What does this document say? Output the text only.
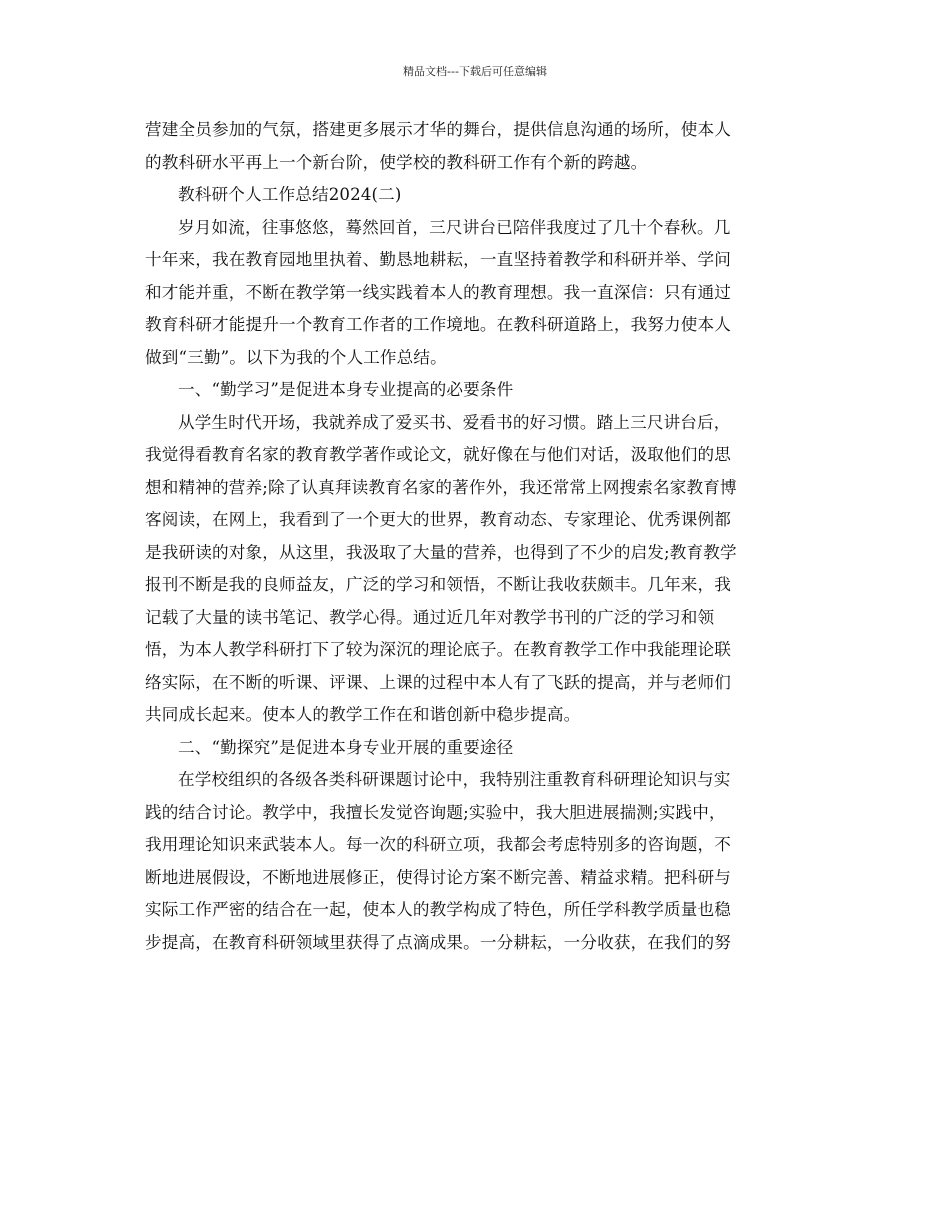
精品文档---下载后可任意编辑
营建全员参加的气氛，搭建更多展示才华的舞台，提供信息沟通的场所，使本人
的教科研水平再上一个新台阶，使学校的教科研工作有个新的跨越。
教科研个人工作总结2024(二)
岁月如流，往事悠悠，蓦然回首，三尺讲台已陪伴我度过了几十个春秋。几
十年来，我在教育园地里执着、勤恳地耕耘，一直坚持着教学和科研并举、学问
和才能并重，不断在教学第一线实践着本人的教育理想。我一直深信：只有通过
教育科研才能提升一个教育工作者的工作境地。在教科研道路上，我努力使本人
做到“三勤”。以下为我的个人工作总结。
一、“勤学习”是促进本身专业提高的必要条件
从学生时代开场，我就养成了爱买书、爱看书的好习惯。踏上三尺讲台后，
我觉得看教育名家的教育教学著作或论文，就好像在与他们对话，汲取他们的思
想和精神的营养;除了认真拜读教育名家的著作外，我还常常上网搜索名家教育博
客阅读，在网上，我看到了一个更大的世界，教育动态、专家理论、优秀课例都
是我研读的对象，从这里，我汲取了大量的营养，也得到了不少的启发;教育教学
报刊不断是我的良师益友，广泛的学习和领悟，不断让我收获颇丰。几年来，我
记载了大量的读书笔记、教学心得。通过近几年对教学书刊的广泛的学习和领
悟，为本人教学科研打下了较为深沉的理论底子。在教育教学工作中我能理论联
络实际，在不断的听课、评课、上课的过程中本人有了飞跃的提高，并与老师们
共同成长起来。使本人的教学工作在和谐创新中稳步提高。
二、“勤探究”是促进本身专业开展的重要途径
在学校组织的各级各类科研课题讨论中，我特别注重教育科研理论知识与实
践的结合讨论。教学中，我擅长发觉咨询题;实验中，我大胆进展揣测;实践中，
我用理论知识来武装本人。每一次的科研立项，我都会考虑特别多的咨询题，不
断地进展假设，不断地进展修正，使得讨论方案不断完善、精益求精。把科研与
实际工作严密的结合在一起，使本人的教学构成了特色，所任学科教学质量也稳
步提高，在教育科研领域里获得了点滴成果。一分耕耘，一分收获，在我们的努
